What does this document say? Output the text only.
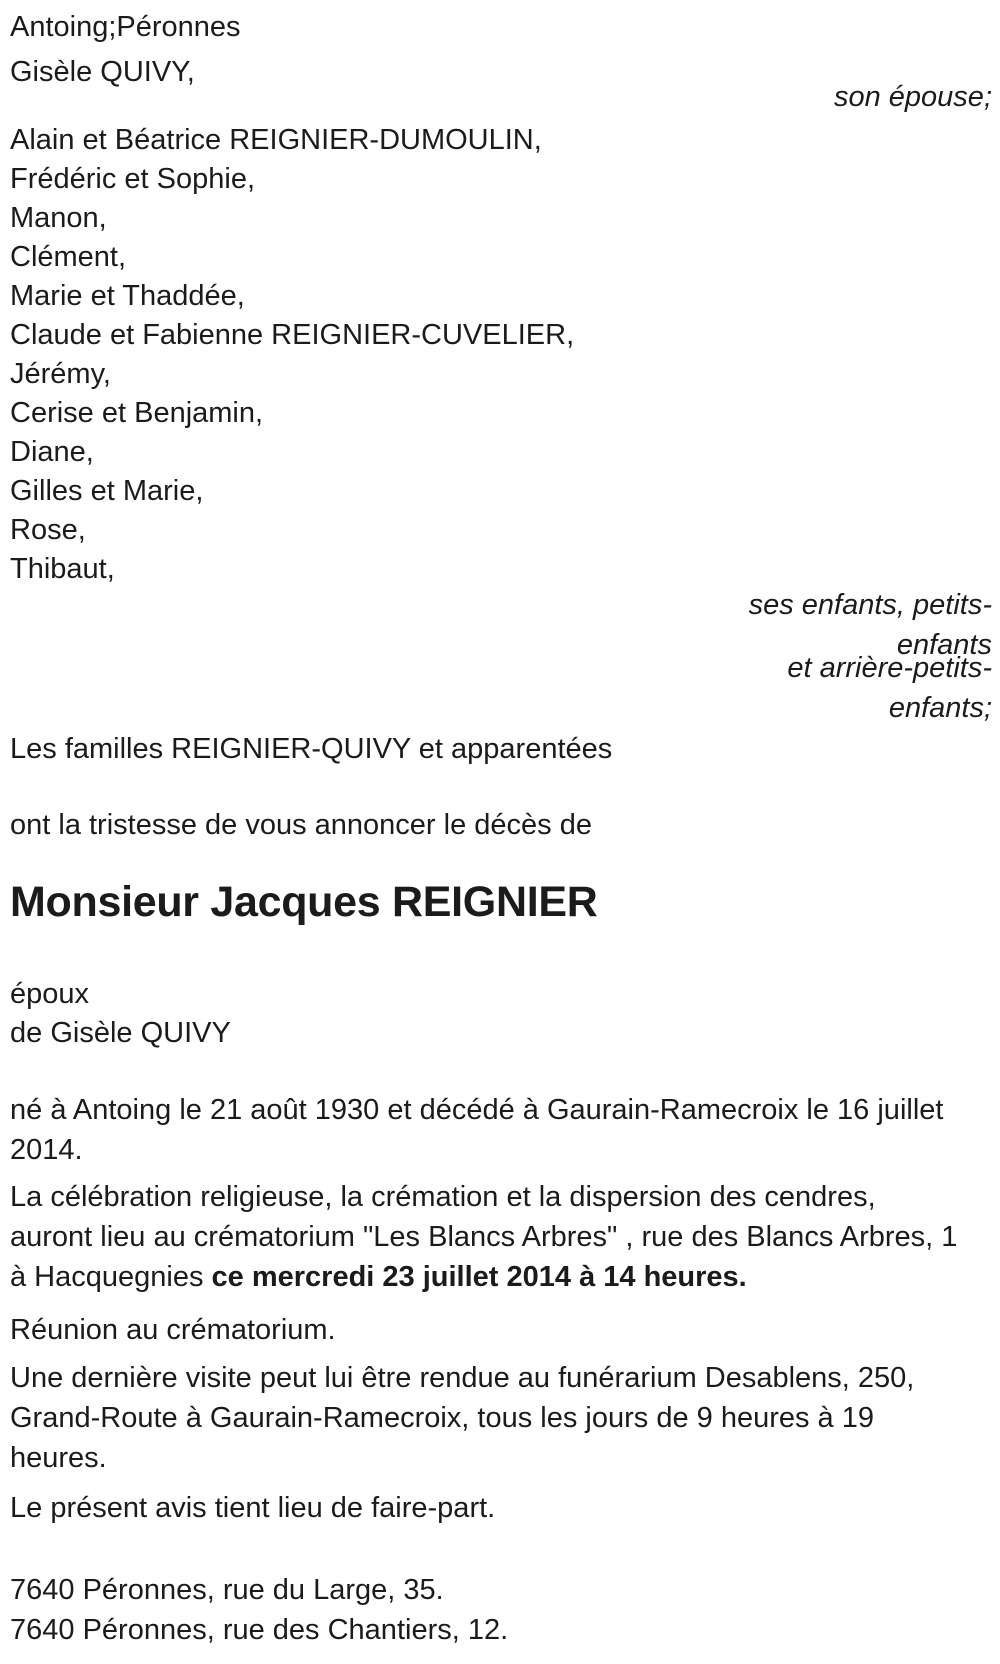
Antoing;Péronnes
Gisèle QUIVY,
son épouse;
Alain et Béatrice REIGNIER-DUMOULIN,
Frédéric et Sophie,
Manon,
Clément,
Marie et Thaddée,
Claude et Fabienne REIGNIER-CUVELIER,
Jérémy,
Cerise et Benjamin,
Diane,
Gilles et Marie,
Rose,
Thibaut,
ses enfants, petits-
enfants
et arrière-petits-
enfants;
Les familles REIGNIER-QUIVY et apparentées
ont la tristesse de vous annoncer le décès de
Monsieur Jacques REIGNIER
époux
de Gisèle QUIVY
né à Antoing le 21 août 1930 et décédé à Gaurain-Ramecroix le 16 juillet
2014.
La célébration religieuse, la crémation et la dispersion des cendres,
auront lieu au crématorium "Les Blancs Arbres" , rue des Blancs Arbres, 1
à Hacquegnies ce mercredi 23 juillet 2014 à 14 heures.
Réunion au crématorium.
Une dernière visite peut lui être rendue au funérarium Desablens, 250,
Grand-Route à Gaurain-Ramecroix, tous les jours de 9 heures à 19
heures.
Le présent avis tient lieu de faire-part.
7640 Péronnes, rue du Large, 35.
7640 Péronnes, rue des Chantiers, 12.
